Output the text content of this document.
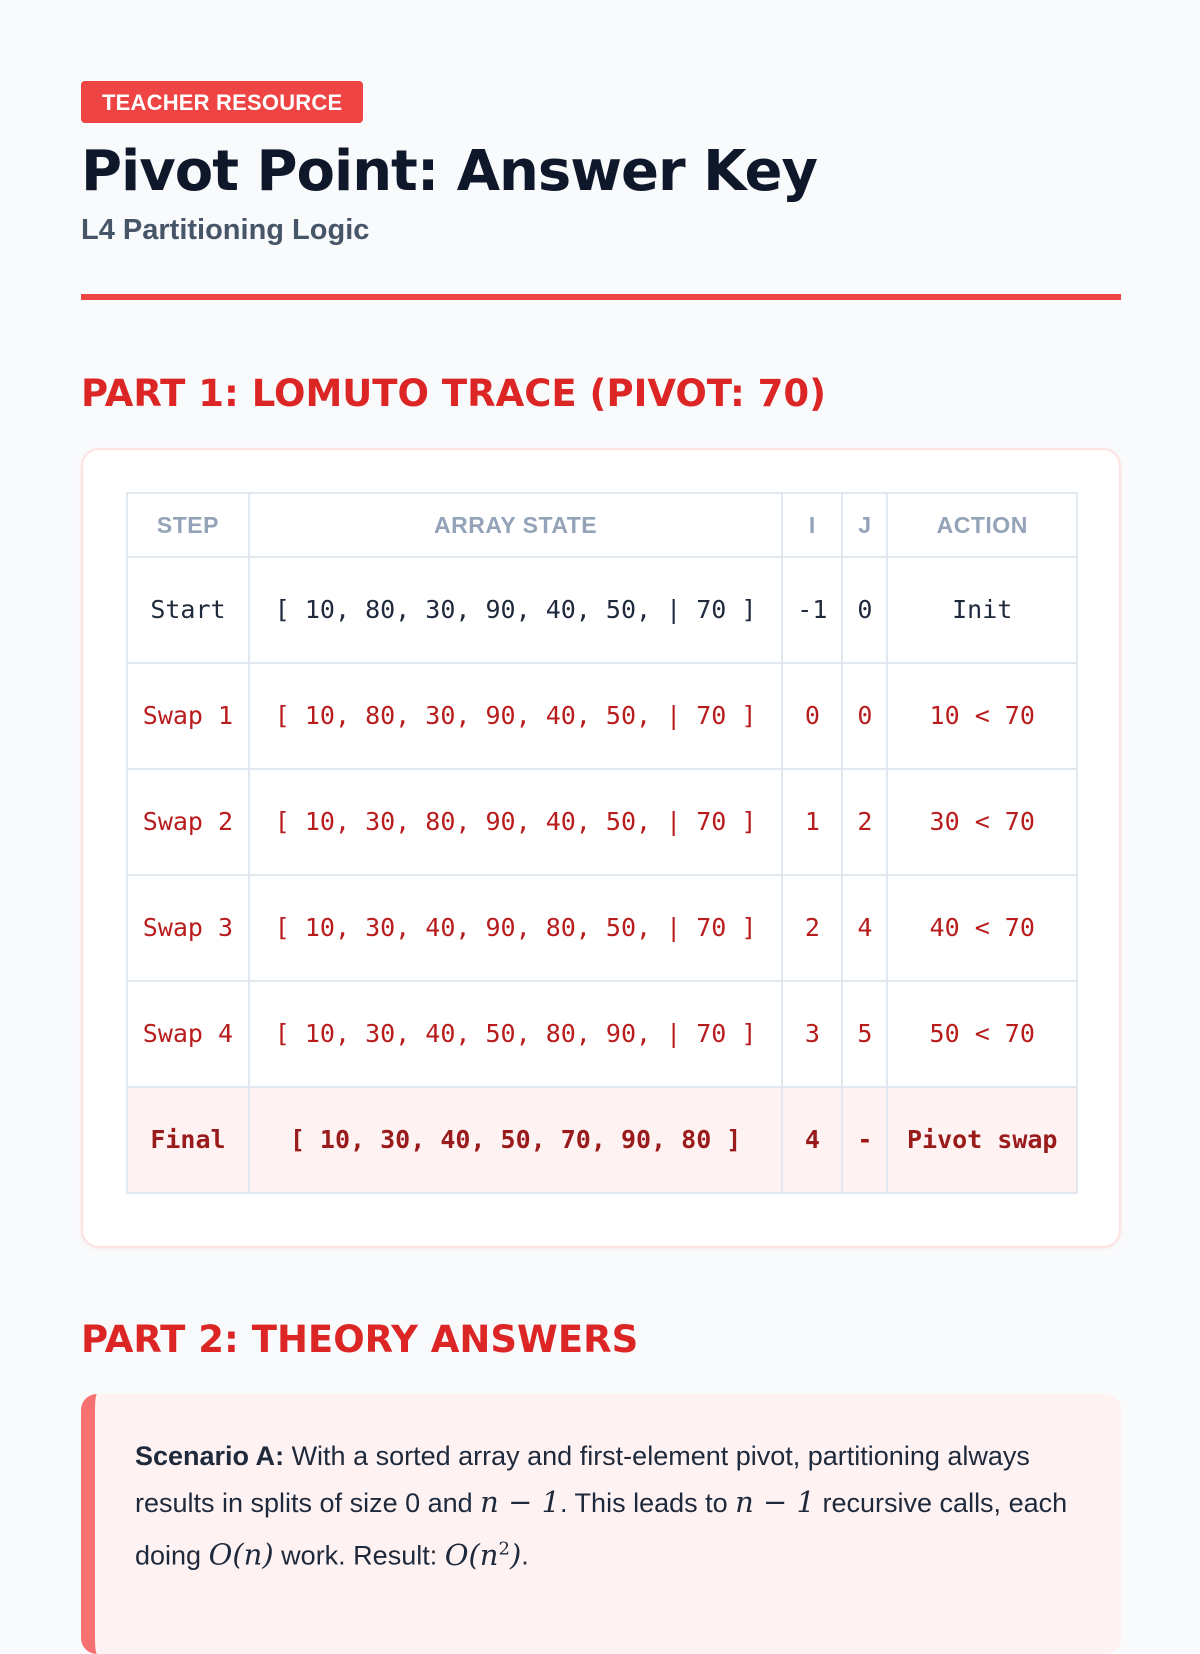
TEACHER RESOURCE
Pivot Point: Answer Key
L4 Partitioning Logic
PART 1: LOMUTO TRACE (PIVOT: 70)
STEP	ARRAY STATE	I	J	ACTION
Start	[ 10, 80, 30, 90, 40, 50, | 70 ]	-1	0	Init
Swap 1	[ 10, 80, 30, 90, 40, 50, | 70 ]	0	0	10 < 70
Swap 2	[ 10, 30, 80, 90, 40, 50, | 70 ]	1	2	30 < 70
Swap 3	[ 10, 30, 40, 90, 80, 50, | 70 ]	2	4	40 < 70
Swap 4	[ 10, 30, 40, 50, 80, 90, | 70 ]	3	5	50 < 70
Final	[ 10, 30, 40, 50, 70, 90, 80 ]	4	-	Pivot swap
PART 2: THEORY ANSWERS

Scenario A: With a sorted array and first-element pivot, partitioning always results in splits of size 0 and n − 1. This leads to n − 1 recursive calls, each doing O(n) work. Result: $O(n^2)$.
